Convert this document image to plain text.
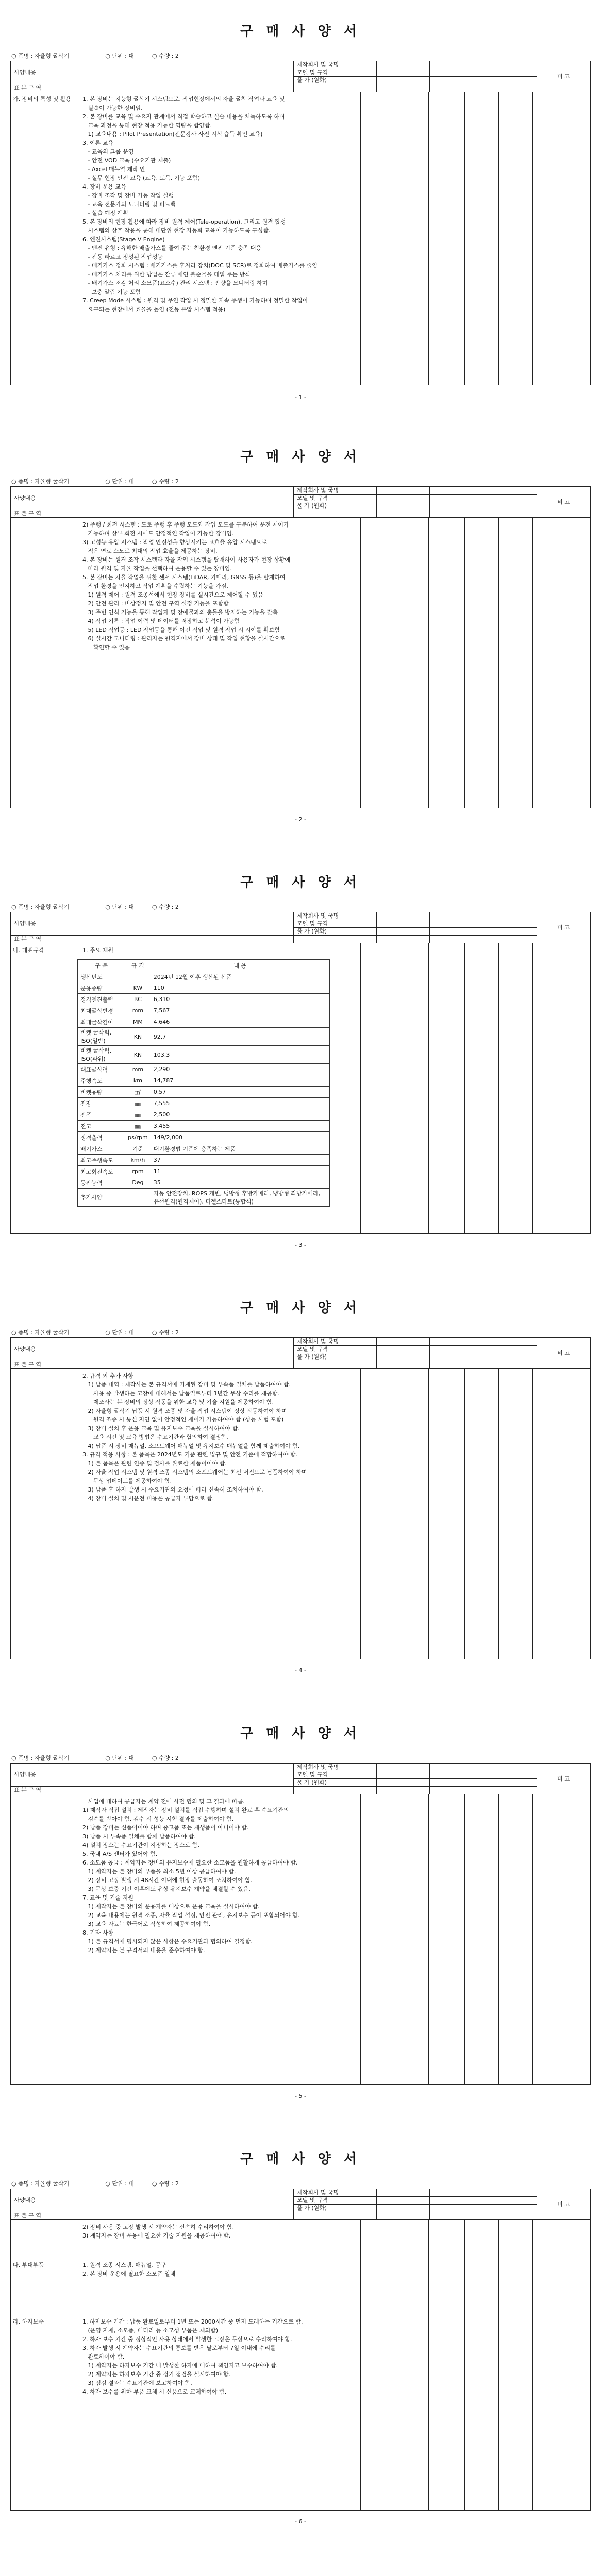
구 매 사 양 서
○ 품명 : 자율형 굴삭기	○ 단위 : 대          ○ 수량 : 2
사양내용		제작회사 및 국명				비 고
		모델 및 규격				
		물 가 (원화)				
표 본 구 역						
가. 장비의 특성 및 활용	1. 본 장비는 지능형 굴삭기 시스템으로, 작업현장에서의 자율 굴착 작업과 교육 및
실습이 가능한 장비임.
2. 본 장비를 교육 및 수요자 관계에서 직접 학습하고 실습 내용을 체득하도록 하며
교육 과정을 통해 현장 적용 가능한 역량을 함양함.
1) 교육내용 : Pilot Presentation(전문강사 사전 지식 습득 확인 교육)
3. 이론 교육
- 교육의 그룹 운영
- 안전 VOD 교육 (수요기관 제출)
- Axcel 매뉴얼 제작 안
- 실무 현장 안전 교육 (교육, 토목, 기능 포함)
4. 장비 운용 교육
- 장비 조작 및 장비 가동 작업 실행
- 교육 전문가의 모니터링 및 피드백
- 실습 예정 계획
5. 본 장비의 현장 활용에 따라 장비 원격 제어(Tele-operation), 그리고 원격 합성
시스템의 상호 작용을 통해 대단위 현장 자동화 교육이 가능하도록 구성함.
6. 엔진시스템(Stage V Engine)
- 엔진 유형 : 유해한 배출가스를 줄여 주는 친환경 엔진 기준 충족 대응
- 전동 빠르고 정성된 작업성능
- 배기가스 정화 시스템 : 배기가스를 후처리 장치(DOC 및 SCR)로 정화하여 배출가스를 줄임
- 배기가스 처리를 위한 방법은 잔류 매연 불순물을 태워 주는 방식
- 배기가스 저감 처리 소모품(요소수) 관리 시스템 : 잔량을 모니터링 하며
보충 알림 기능 포함
7. Creep Mode 시스템 : 원격 및 무인 작업 시 정밀한 저속 주행이 가능하며 정밀한 작업이
요구되는 현장에서 효율을 높임 (전동 유압 시스템 적용)
- 1 -
구 매 사 양 서
○ 품명 : 자율형 굴삭기	○ 단위 : 대          ○ 수량 : 2
사양내용		제작회사 및 국명				비 고
		모델 및 규격				
		물 가 (원화)				
표 본 구 역						
2) 주행 / 회전 시스템 : 도로 주행 후 주행 모드와 작업 모드를 구분하여 운전 제어가
가능하며 상부 회전 시에도 안정적인 작업이 가능한 장비임.
3) 고성능 유압 시스템 : 작업 안정성을 향상시키는 고효율 유압 시스템으로
적은 연료 소모로 최대의 작업 효율을 제공하는 장비.
4. 본 장비는 원격 조작 시스템과 자율 작업 시스템을 탑재하여 사용자가 현장 상황에
따라 원격 및 자율 작업을 선택하여 운용할 수 있는 장비임.
5. 본 장비는 자율 작업을 위한 센서 시스템(LiDAR, 카메라, GNSS 등)을 탑재하여
작업 환경을 인지하고 작업 계획을 수립하는 기능을 가짐.
1) 원격 제어 : 원격 조종석에서 현장 장비를 실시간으로 제어할 수 있음
2) 안전 관리 : 비상정지 및 안전 구역 설정 기능을 포함함
3) 주변 인식 기능을 통해 작업자 및 장애물과의 충돌을 방지하는 기능을 갖춤
4) 작업 기록 : 작업 이력 및 데이터를 저장하고 분석이 가능함
5) LED 작업등 : LED 작업등을 통해 야간 작업 및 원격 작업 시 시야를 확보함
6) 실시간 모니터링 : 관리자는 원격지에서 장비 상태 및 작업 현황을 실시간으로
확인할 수 있음
- 2 -
구 매 사 양 서
○ 품명 : 자율형 굴삭기	○ 단위 : 대          ○ 수량 : 2
사양내용		제작회사 및 국명				비 고
		모델 및 규격				
		물 가 (원화)				
표 본 구 역						
나. 대표규격	1. 주요 제원
구 분	규 격	내 용
생산년도		2024년 12월 이후 생산된 신품
운용중량	KW	110
정격엔진출력	RC	6,310
최대굴삭반경	mm	7,567
최대굴삭깊이	MM	4,646
버켓 굴삭력, ISO(일반)	KN	92.7
버켓 굴삭력, ISO(파워)	KN	103.3
대표굴삭력	mm	2,290
주행속도	km	14,787
버켓용량	㎥	0.57
전장	㎜	7,555
전폭	㎜	2,500
전고	㎜	3,455
정격출력	ps/rpm	149/2,000
배기가스	기준	대기환경법 기준에 충족하는 제품
최고주행속도	km/h	37
최고회전속도	rpm	11
등판능력	Deg	35
추가사양		자동 안전장치, ROPS 캐빈, 냉방형 후방카메라, 냉방형 좌방카메라, 유선원격(원격제어), 디젤스타트(통합식)
- 3 -
구 매 사 양 서
○ 품명 : 자율형 굴삭기	○ 단위 : 대          ○ 수량 : 2
사양내용		제작회사 및 국명				비 고
		모델 및 규격				
		물 가 (원화)				
표 본 구 역						
2. 규격 외 추가 사항
1) 납품 내역 : 제작사는 본 규격서에 기재된 장비 및 부속품 일체를 납품하여야 함.
사용 중 발생하는 고장에 대해서는 납품일로부터 1년간 무상 수리를 제공함.
제조사는 본 장비의 정상 작동을 위한 교육 및 기술 지원을 제공하여야 함.
2) 자율형 굴삭기 납품 시 원격 조종 및 자율 작업 시스템이 정상 작동하여야 하며
원격 조종 시 통신 지연 없이 안정적인 제어가 가능하여야 함 (성능 시험 포함)
3) 장비 설치 후 운용 교육 및 유지보수 교육을 실시하여야 함.
교육 시간 및 교육 방법은 수요기관과 협의하여 결정함.
4) 납품 시 장비 매뉴얼, 소프트웨어 매뉴얼 및 유지보수 매뉴얼을 함께 제출하여야 함.
3. 규격 적용 사항 : 본 품목은 2024년도 기준 관련 법규 및 안전 기준에 적합하여야 함.
1) 본 품목은 관련 인증 및 검사를 완료한 제품이어야 함.
2) 자율 작업 시스템 및 원격 조종 시스템의 소프트웨어는 최신 버전으로 납품하여야 하며
무상 업데이트를 제공하여야 함.
3) 납품 후 하자 발생 시 수요기관의 요청에 따라 신속히 조치하여야 함.
4) 장비 설치 및 시운전 비용은 공급자 부담으로 함.
- 4 -
구 매 사 양 서
○ 품명 : 자율형 굴삭기	○ 단위 : 대          ○ 수량 : 2
사양내용		제작회사 및 국명				비 고
		모델 및 규격				
		물 가 (원화)				
표 본 구 역						
사업에 대하여 공급자는 계약 전에 사전 협의 및 그 결과에 따름.
1) 제작자 직접 설치 : 제작자는 장비 설치를 직접 수행하며 설치 완료 후 수요기관의
검수를 받아야 함. 검수 시 성능 시험 결과를 제출하여야 함.
2) 납품 장비는 신품이어야 하며 중고품 또는 재생품이 아니어야 함.
3) 납품 시 부속품 일체를 함께 납품하여야 함.
4) 설치 장소는 수요기관이 지정하는 장소로 함.
5. 국내 A/S 센터가 있어야 함.
6. 소모품 공급 : 계약자는 장비의 유지보수에 필요한 소모품을 원활하게 공급하여야 함.
1) 계약자는 본 장비의 부품을 최소 5년 이상 공급하여야 함.
2) 장비 고장 발생 시 48시간 이내에 현장 출동하여 조치하여야 함.
3) 무상 보증 기간 이후에도 유상 유지보수 계약을 체결할 수 있음.
7. 교육 및 기술 지원
1) 제작자는 본 장비의 운용자를 대상으로 운용 교육을 실시하여야 함.
2) 교육 내용에는 원격 조종, 자율 작업 설정, 안전 관리, 유지보수 등이 포함되어야 함.
3) 교육 자료는 한국어로 작성하여 제공하여야 함.
8. 기타 사항
1) 본 규격서에 명시되지 않은 사항은 수요기관과 협의하여 결정함.
2) 계약자는 본 규격서의 내용을 준수하여야 함.
- 5 -
구 매 사 양 서
○ 품명 : 자율형 굴삭기	○ 단위 : 대          ○ 수량 : 2
사양내용		제작회사 및 국명				비 고
		모델 및 규격				
		물 가 (원화)				
표 본 구 역						
2) 장비 사용 중 고장 발생 시 계약자는 신속히 수리하여야 함.
3) 계약자는 장비 운용에 필요한 기술 지원을 제공하여야 함.
다. 부대부품	1. 원격 조종 시스템, 매뉴얼, 공구
2. 본 장비 운용에 필요한 소모품 일체
라. 하자보수	1. 하자보수 기간 : 납품 완료일로부터 1년 또는 2000시간 중 먼저 도래하는 기간으로 함.
(운영 자재, 소모품, 배터리 등 소모성 부품은 제외함)
2. 하자 보수 기간 중 정상적인 사용 상태에서 발생한 고장은 무상으로 수리하여야 함.
3. 하자 발생 시 계약자는 수요기관의 통보를 받은 날로부터 7일 이내에 수리를
완료하여야 함.
1) 계약자는 하자보수 기간 내 발생한 하자에 대하여 책임지고 보수하여야 함.
2) 계약자는 하자보수 기간 중 정기 점검을 실시하여야 함.
3) 점검 결과는 수요기관에 보고하여야 함.
4. 하자 보수를 위한 부품 교체 시 신품으로 교체하여야 함.
- 6 -
